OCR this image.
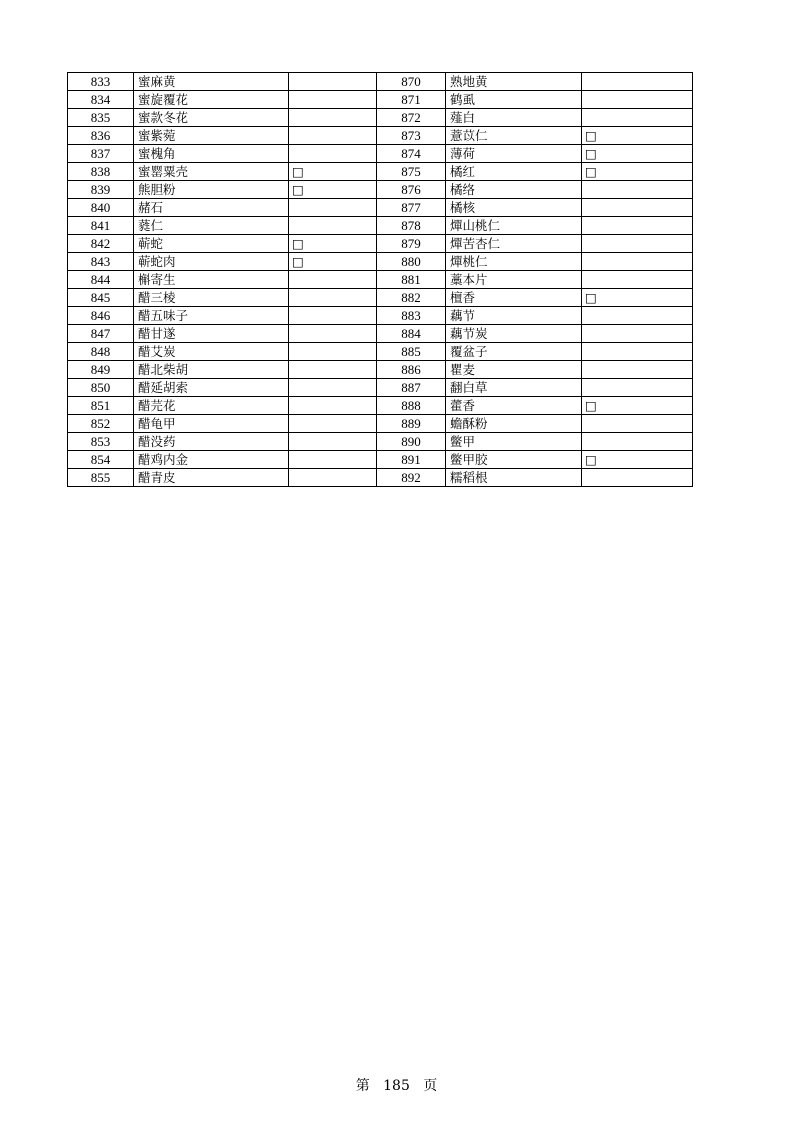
833	蜜麻黄		870	熟地黄	
834	蜜旋覆花		871	鹤虱	
835	蜜款冬花		872	薤白	
836	蜜紫菀		873	薏苡仁	□
837	蜜槐角		874	薄荷	□
838	蜜罂粟壳	□	875	橘红	□
839	熊胆粉	□	876	橘络	
840	赭石		877	橘核	
841	蕤仁		878	燀山桃仁	
842	蕲蛇	□	879	燀苦杏仁	
843	蕲蛇肉	□	880	燀桃仁	
844	槲寄生		881	藁本片	
845	醋三棱		882	檀香	□
846	醋五味子		883	藕节	
847	醋甘遂		884	藕节炭	
848	醋艾炭		885	覆盆子	
849	醋北柴胡		886	瞿麦	
850	醋延胡索		887	翻白草	
851	醋芫花		888	藿香	□
852	醋龟甲		889	蟾酥粉	
853	醋没药		890	鳖甲	
854	醋鸡内金		891	鳖甲胶	□
855	醋青皮		892	糯稻根	
第 185 页
